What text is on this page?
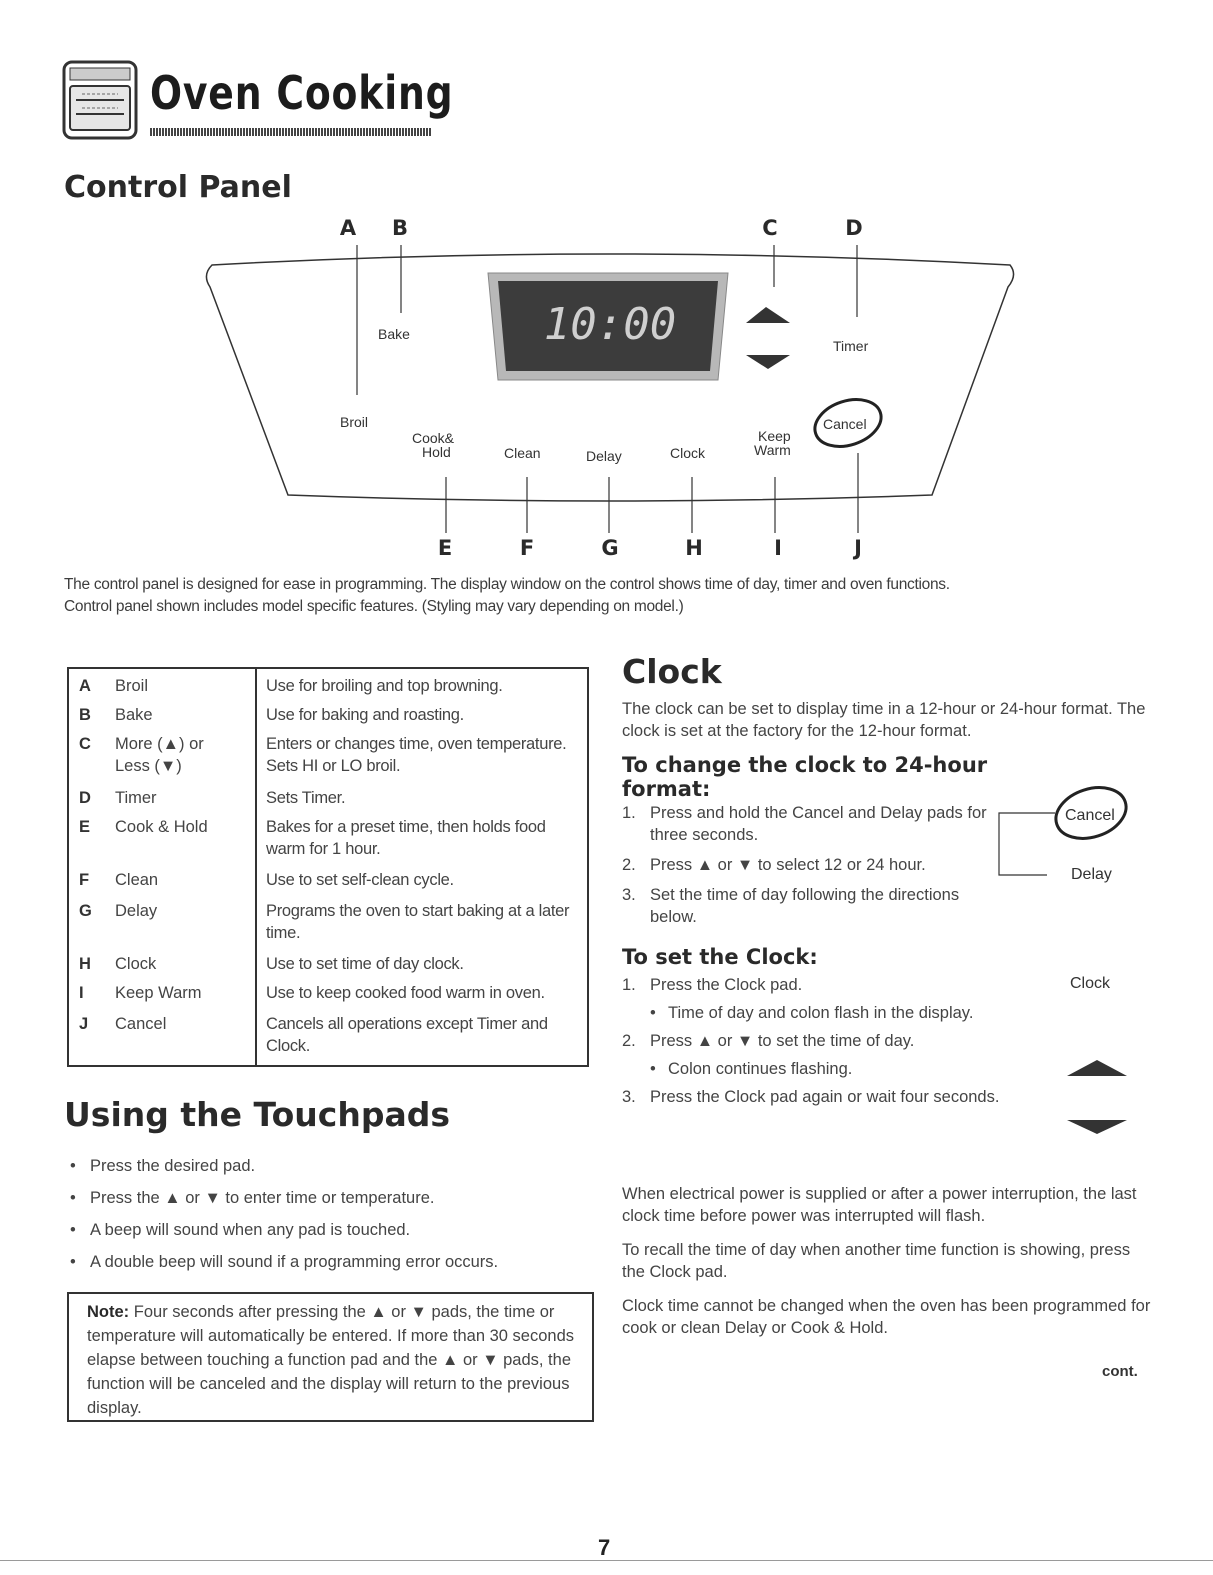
Oven Cooking
Control Panel
A B	C	D
10:00
Bake
Timer
Broil
Cook&
Hold	Clean	Delay	Clock
Keep
Warm
Cancel
E	F	G	H	I	J

The control panel is designed for ease in programming. The display window on the control shows time of day, timer and oven functions.

Control panel shown includes model specific features. (Styling may vary depending on model.)

A Broil	Use for broiling and top browning.
B Bake	Use for baking and roasting.
C More (▲) or
Less (▼)
Enters or changes time, oven temperature. Sets HI or LO broil.
D Timer	Sets Timer.
E Cook & Hold	Bakes for a preset time, then holds food warm for 1 hour.
F Clean	Use to set self-clean cycle.
G Delay	Programs the oven to start baking at a later time.
H Clock	Use to set time of day clock.
I Keep Warm	Use to keep cooked food warm in oven.
J Cancel	Cancels all operations except Timer and Clock.
Using the Touchpads
• Press the desired pad.
• Press the ▲ or ▼ to enter time or temperature.
• A beep will sound when any pad is touched.
• A double beep will sound if a programming error occurs.
Note: Four seconds after pressing the ▲ or ▼ pads, the time or temperature will automatically be entered. If more than 30 seconds elapse between touching a function pad and the ▲ or ▼ pads, the function will be canceled and the display will return to the previous display.
Clock

The clock can be set to display time in a 12-hour or 24-hour format. The clock is set at the factory for the 12-hour format.

To change the clock to 24-hour format:
1. Press and hold the Cancel and Delay pads for three seconds.
2. Press ▲ or ▼ to select 12 or 24 hour.
3. Set the time of day following the directions below.
Cancel
Delay
Clock
To set the Clock:
1. Press the Clock pad.
• Time of day and colon flash in the display.
2. Press ▲ or ▼ to set the time of day.
• Colon continues flashing.
3. Press the Clock pad again or wait four seconds.

When electrical power is supplied or after a power interruption, the last clock time before power was interrupted will flash.

To recall the time of day when another time function is showing, press the Clock pad.

Clock time cannot be changed when the oven has been programmed for cook or clean Delay or Cook & Hold.

cont.
7
